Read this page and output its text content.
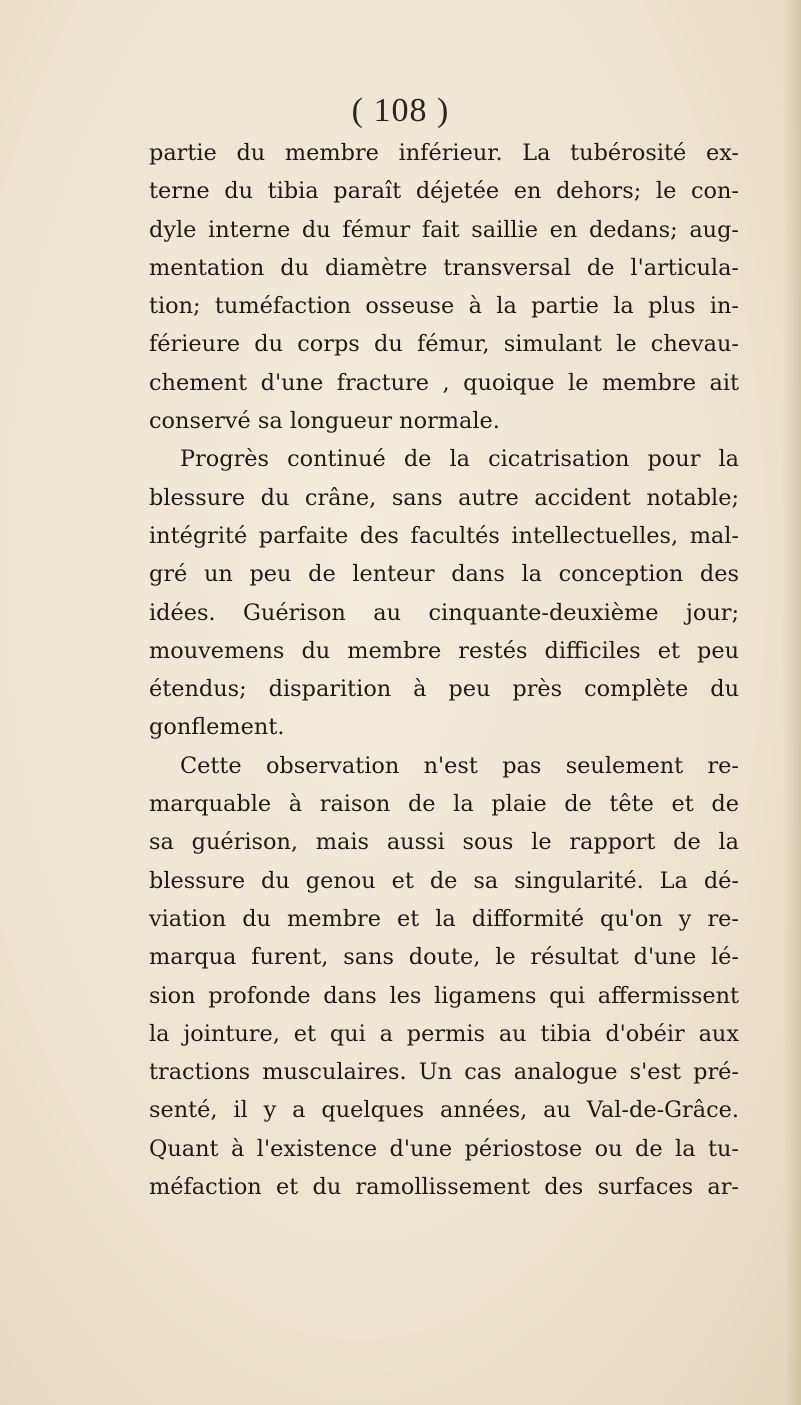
( 108 )
partie du membre inférieur. La tubérosité ex-
terne du tibia paraît déjetée en dehors; le con-
dyle interne du fémur fait saillie en dedans; aug-
mentation du diamètre transversal de l'articula-
tion; tuméfaction osseuse à la partie la plus in-
férieure du corps du fémur, simulant le chevau-
chement d'une fracture , quoique le membre ait
conservé sa longueur normale.
Progrès continué de la cicatrisation pour la
blessure du crâne, sans autre accident notable;
intégrité parfaite des facultés intellectuelles, mal-
gré un peu de lenteur dans la conception des
idées. Guérison au cinquante-deuxième jour;
mouvemens du membre restés difficiles et peu
étendus; disparition à peu près complète du
gonflement.
Cette observation n'est pas seulement re-
marquable à raison de la plaie de tête et de
sa guérison, mais aussi sous le rapport de la
blessure du genou et de sa singularité. La dé-
viation du membre et la difformité qu'on y re-
marqua furent, sans doute, le résultat d'une lé-
sion profonde dans les ligamens qui affermissent
la jointure, et qui a permis au tibia d'obéir aux
tractions musculaires. Un cas analogue s'est pré-
senté, il y a quelques années, au Val-de-Grâce.
Quant à l'existence d'une périostose ou de la tu-
méfaction et du ramollissement des surfaces ar-
